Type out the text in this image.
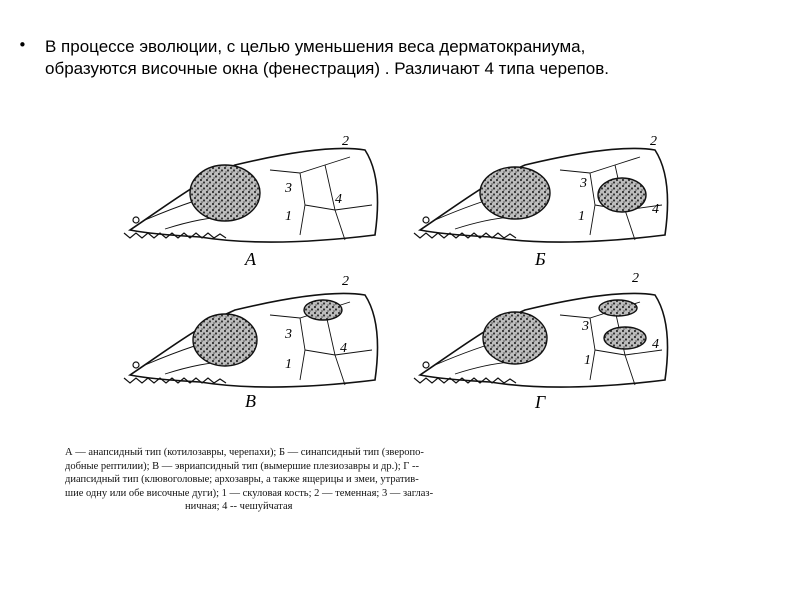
• В процессе эволюции, с целью уменьшения веса дерматокраниума,
образуются височные окна (фенестрация) . Различают 4 типа черепов.
3
1
4
2
А
3
1	4
2
Б
3
1
4
2
В
3
1
4
2
Г
А — анапсидный тип (котилозавры, черепахи); Б — синапсидный тип (зверопо-
добные рептилии); В — эвриапсидный тип (вымершие плезиозавры и др.); Г --
диапсидный тип (клювоголовые; архозавры, а также ящерицы и змеи, утратив-
шие одну или обе височные дуги); 1 — скуловая кость; 2 — теменная; 3 — заглаз-
ничная; 4 -- чешуйчатая
